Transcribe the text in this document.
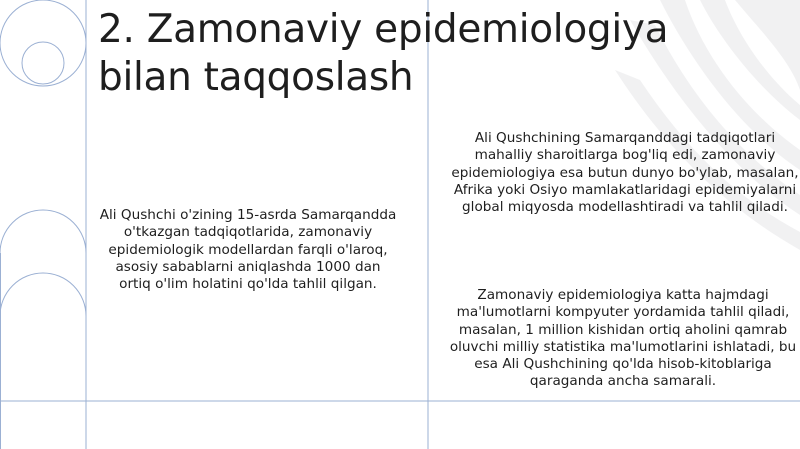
2. Zamonaviy epidemiologiya bilan taqqoslash

Ali Qushchi o'zining 15-asrda Samarqandda o'tkazgan tadqiqotlarida, zamonaviy epidemiologik modellardan farqli o'laroq, asosiy sabablarni aniqlashda 1000 dan ortiq o'lim holatini qo'lda tahlil qilgan.

Ali Qushchining Samarqanddagi tadqiqotlari mahalliy sharoitlarga bog'liq edi, zamonaviy epidemiologiya esa butun dunyo bo'ylab, masalan, Afrika yoki Osiyo mamlakatlaridagi epidemiyalarni global miqyosda modellashtiradi va tahlil qiladi.

Zamonaviy epidemiologiya katta hajmdagi ma'lumotlarni kompyuter yordamida tahlil qiladi, masalan, 1 million kishidan ortiq aholini qamrab oluvchi milliy statistika ma'lumotlarini ishlatadi, bu esa Ali Qushchining qo'lda hisob-kitoblariga qaraganda ancha samarali.
